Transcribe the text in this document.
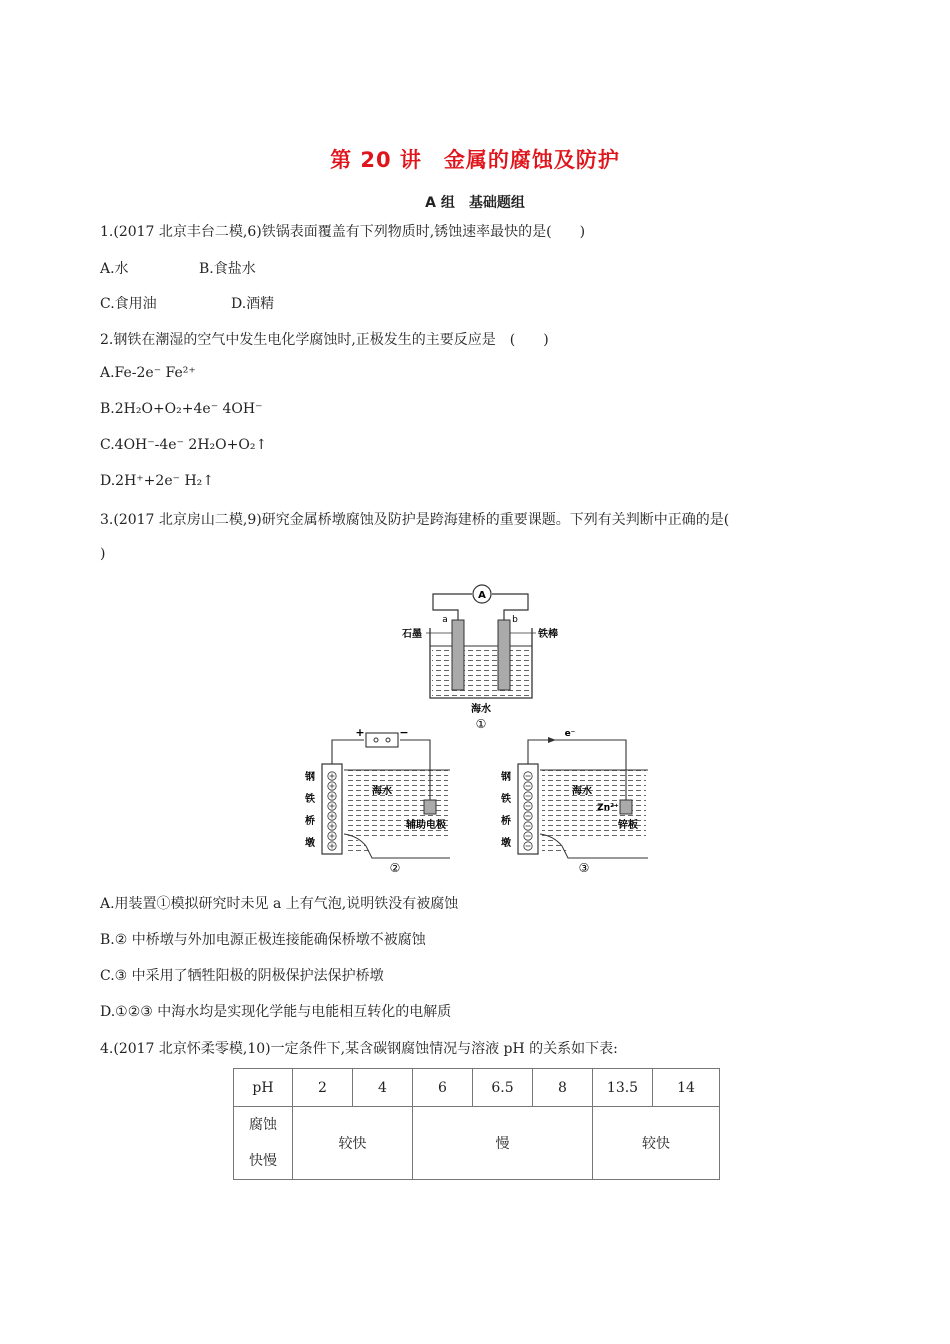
第 20 讲　金属的腐蚀及防护
A 组　基础题组
1.(2017 北京丰台二模,6)铁锅表面覆盖有下列物质时,锈蚀速率最快的是(　　)
A.水	B.食盐水
C.食用油	D.酒精
2.钢铁在潮湿的空气中发生电化学腐蚀时,正极发生的主要反应是　(　　)
A.Fe-2e⁻ Fe²⁺
B.2H₂O+O₂+4e⁻ 4OH⁻
C.4OH⁻-4e⁻ 2H₂O+O₂↑
D.2H⁺+2e⁻ H₂↑
3.(2017 北京房山二模,9)研究金属桥墩腐蚀及防护是跨海建桥的重要课题。下列有关判断中正确的是(
)
A
a	b
石墨	铁棒
海水
①
钢
铁
桥
墩
+	−
海水
辅助电极
②
钢
铁
桥
墩
e⁻
Zn²⁺
海水
锌板
③
A.用装置①模拟研究时未见 a 上有气泡,说明铁没有被腐蚀
B.② 中桥墩与外加电源正极连接能确保桥墩不被腐蚀
C.③ 中采用了牺牲阳极的阴极保护法保护桥墩
D.①②③ 中海水均是实现化学能与电能相互转化的电解质
4.(2017 北京怀柔零模,10)一定条件下,某含碳钢腐蚀情况与溶液 pH 的关系如下表:
pH	2	4	6	6.5	8	13.5	14

腐蚀
快慢	较快		慢			较快	
